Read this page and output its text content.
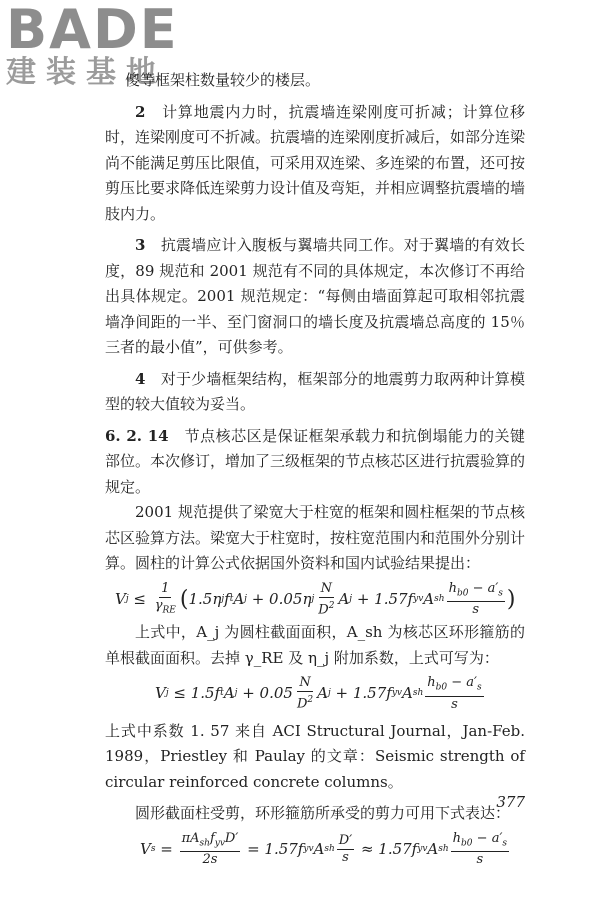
BADE
建装基地

傻等框架柱数量较少的楼层。

2　 计算地震内力时，抗震墙连梁刚度可折减；计算位移时，连梁刚度可不折减。抗震墙的连梁刚度折减后，如部分连梁尚不能满足剪压比限值，可采用双连梁、多连梁的布置，还可按剪压比要求降低连梁剪力设计值及弯矩，并相应调整抗震墙的墙肢内力。

3　 抗震墙应计入腹板与翼墙共同工作。对于翼墙的有效长度，89 规范和 2001 规范有不同的具体规定，本次修订不再给出具体规定。2001 规范规定：“每侧由墙面算起可取相邻抗震墙净间距的一半、至门窗洞口的墙长度及抗震墙总高度的 15％三者的最小值”，可供参考。

4　 对于少墙框架结构，框架部分的地震剪力取两种计算模型的较大值较为妥当。

6. 2. 14　 节点核芯区是保证框架承载力和抗倒塌能力的关键部位。本次修订，增加了三级框架的节点核芯区进行抗震验算的规定。

2001 规范提供了梁宽大于柱宽的框架和圆柱框架的节点核芯区验算方法。梁宽大于柱宽时，按柱宽范围内和范围外分别计算。圆柱的计算公式依据国外资料和国内试验结果提出：

V $j \le \frac{1}{\gamma_{RE}}$ ( 1.5η j f t A j + 0.05η j $\frac{N}{D^2}$ A j + 1.57f yv A sh $\frac{h_{b0} - a'_s}{s}$ )

上式中，A_j 为圆柱截面面积，A_sh 为核芯区环形箍筋的单根截面面积。去掉 γ_RE 及 η_j 附加系数，上式可写为：

V j ≤ 1.5f t A $j + 0.05 \frac{N}{D^2}$ A j + 1.57f yv A sh $\frac{h_{b0} - a'_s}{s}$

上式中系数 1. 57 来自 ACI Structural Journal，Jan-Feb. 1989，Priestley 和 Paulay 的文章：Seismic strength of circular reinforced concrete columns。

圆形截面柱受剪，环形箍筋所承受的剪力可用下式表达：

V $s = \frac{\pi A_{sh}f_{yv}D'}{2s} = 1.57f$ yv A sh $\frac{D'}{s} \approx 1.57f$ yv A sh $\frac{h_{b0} - a'_s}{s}$
377
